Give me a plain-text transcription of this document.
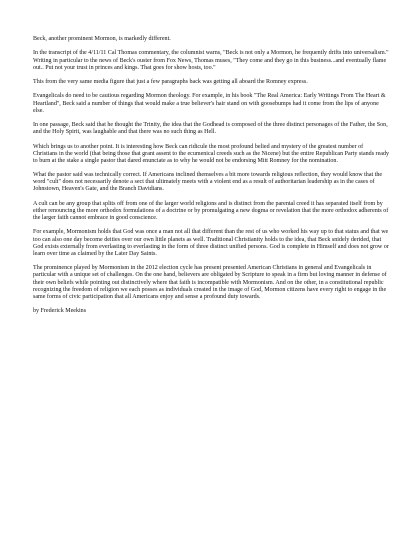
Beck, another prominent Mormon, is markedly different.

In the transcript of the 4/11/11 Cal Thomas commentary, the columnist warns, "Beck is not only a Mormon, he frequently drifts into universalism." Writing in particular to the news of Beck's ouster from Fox News, Thomas muses, "They come and they go in this business...and eventually flame out.. Put not your trust in princes and kings. That goes for show hosts, too."

This from the very same media figure that just a few paragraphs back was getting all aboard the Romney express.

Evangelicals do need to be cautious regarding Mormon theology. For example, in his book "The Real America: Early Writings From The Heart & Heartland", Beck said a number of things that would make a true believer's hair stand on with goosebumps had it come from the lips of anyone else.

In one passage, Beck said that he thought the Trinity, the idea that the Godhead is composed of the three distinct personages of the Father, the Son, and the Holy Spirit, was laughable and that there was no such thing as Hell.

Which brings us to another point. It is interesting how Beck can ridicule the most profound belied and mystery of the greatest number of Christians in the world (that being those that grant assent to the ecumenical creeds such as the Nicene) but the entire Republican Party stands ready to burn at the stake a single pastor that dared enunciate as to why he would not be endorsing Mitt Romney for the nomination.

What the pastor said was technically correct. If Americans inclined themselves a bit more towards religious reflection, they would know that the word "cult" does not necessarily denote a sect that ultimately meets with a violent end as a result of authoritarian leadership as in the cases of Johnstown, Heaven's Gate, and the Branch Davidians.

A cult can be any group that splits off from one of the larger world religions and is distinct from the parental creed it has separated itself from by either renouncing the more orthodox formulations of a doctrine or by promulgating a new dogma or revelation that the more orthodox adherents of the larger faith cannot embrace in good conscience.

For example, Mormonism holds that God was once a man not all that different than the rest of us who worked his way up to that status and that we too can also one day become deities over our own little planets as well. Traditional Christianity holds to the idea, that Beck snidely derided, that God exists externally from everlasting to everlasting in the form of three distinct unified persons. God is complete in Himself and does not grow or learn over time as claimed by the Later Day Saints.

The prominence played by Mormonism in the 2012 election cycle has present presented American Christians in general and Evangelicals in particular with a unique set of challenges. On the one hand, believers are obligated by Scripture to speak in a firm but loving manner in defense of their own beliefs while pointing out distinctively where that faith is incompatible with Mormonism. And on the other, in a constitutional republic recognizing the freedom of religion we each posses as individuals created in the image of God, Mormon citizens have every right to engage in the same forms of civic participation that all Americans enjoy and sense a profound duty towards.

by Frederick Meekins
